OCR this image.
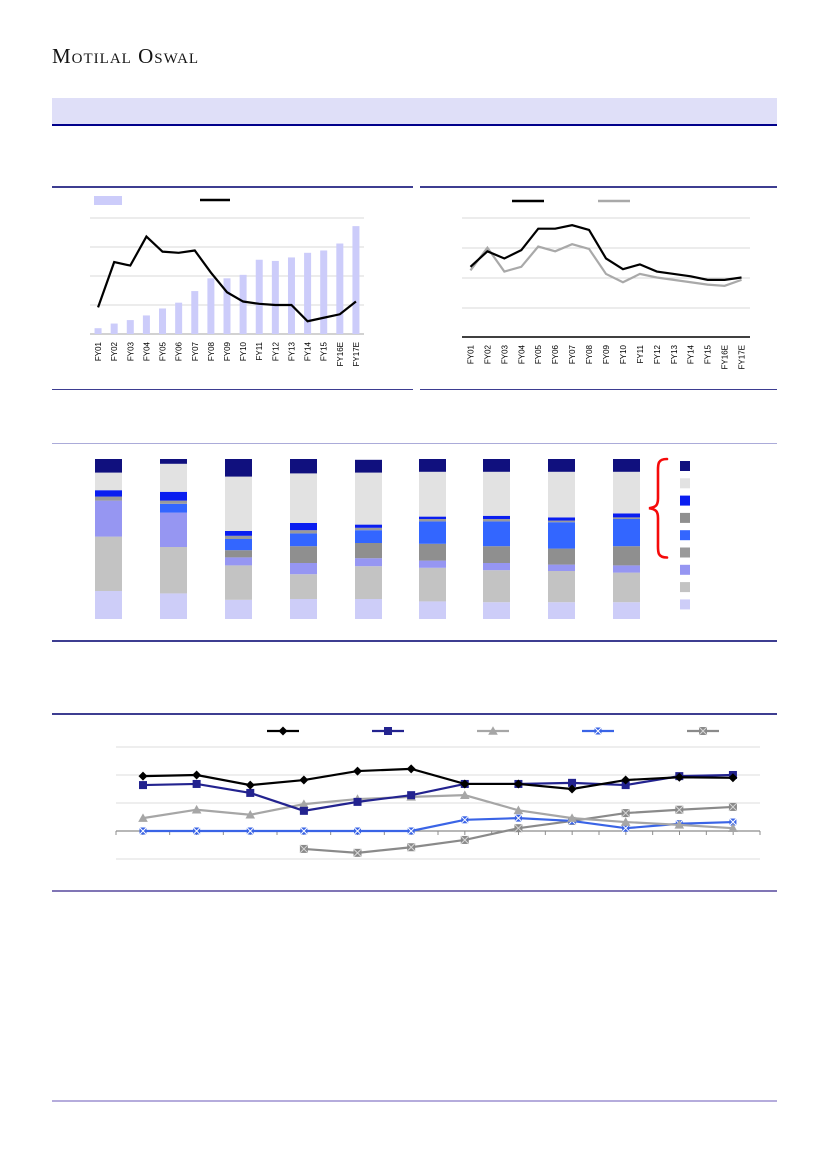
Motilal Oswal
FY01 FY02 FY03 FY04 FY05 FY06 FY07 FY08 FY09 FY10 FY11 FY12 FY13 FY14 FY15 FY16E FY17E	FY01 FY02 FY03 FY04 FY05 FY06 FY07 FY08 FY09 FY10 FY11 FY12 FY13 FY14 FY15 FY16E FY17E
